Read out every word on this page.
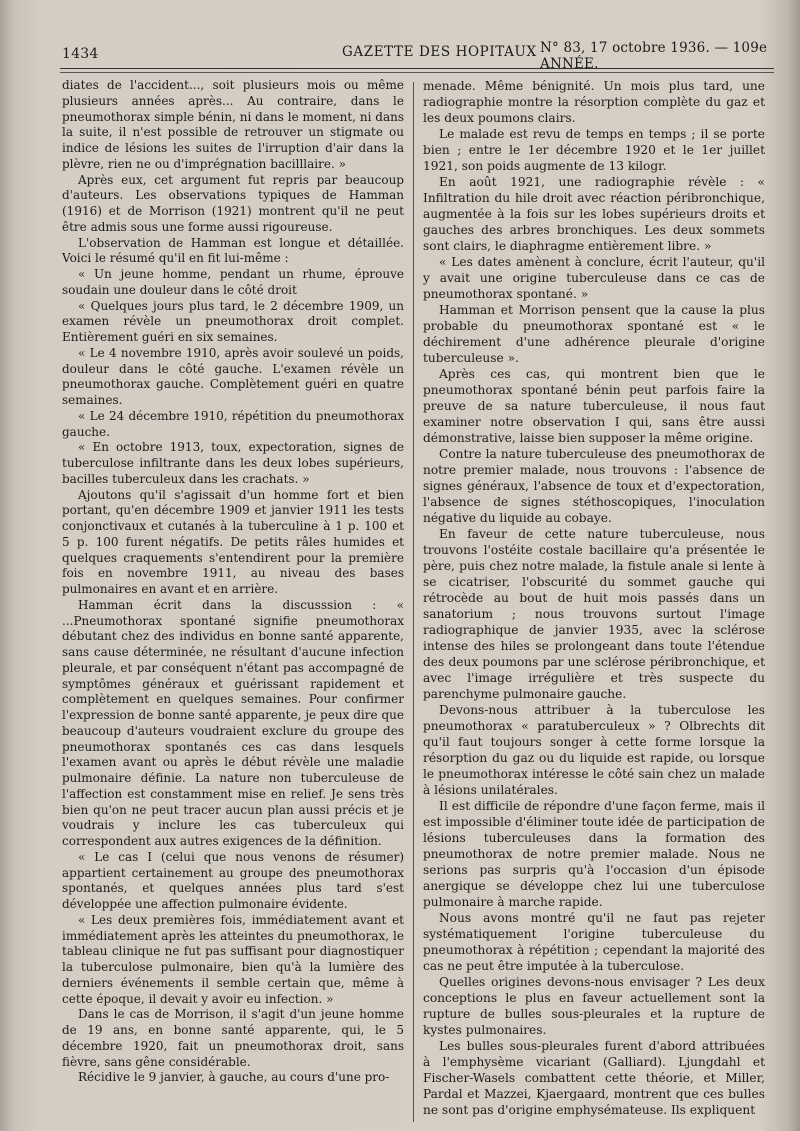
1434	GAZETTE DES HOPITAUX N° 83, 17 octobre 1936. — 109e ANNÉE.

diates de l'accident..., soit plusieurs mois ou même plusieurs années après... Au contraire, dans le pneumothorax simple bénin, ni dans le moment, ni dans la suite, il n'est possible de retrouver un stigmate ou indice de lésions les suites de l'irruption d'air dans la plèvre, rien ne ou d'imprégnation bacilllaire. »

Après eux, cet argument fut repris par beaucoup d'auteurs. Les observations typiques de Hamman (1916) et de Morrison (1921) montrent qu'il ne peut être admis sous une forme aussi rigoureuse.

L'observation de Hamman est longue et détaillée. Voici le résumé qu'il en fit lui-même :

« Un jeune homme, pendant un rhume, éprouve soudain une douleur dans le côté droit

« Quelques jours plus tard, le 2 décembre 1909, un examen révèle un pneumothorax droit complet. Entièrement guéri en six semaines.

« Le 4 novembre 1910, après avoir soulevé un poids, douleur dans le côté gauche. L'examen révèle un pneumothorax gauche. Complètement guéri en quatre semaines.

« Le 24 décembre 1910, répétition du pneumothorax gauche.

« En octobre 1913, toux, expectoration, signes de tuberculose infiltrante dans les deux lobes supérieurs, bacilles tuberculeux dans les crachats. »

Ajoutons qu'il s'agissait d'un homme fort et bien portant, qu'en décembre 1909 et janvier 1911 les tests conjonctivaux et cutanés à la tuberculine à 1 p. 100 et 5 p. 100 furent négatifs. De petits râles humides et quelques craquements s'entendirent pour la première fois en novembre 1911, au niveau des bases pulmonaires en avant et en arrière.

Hamman écrit dans la discusssion : « ...Pneumothorax spontané signifie pneumothorax débutant chez des individus en bonne santé apparente, sans cause déterminée, ne résultant d'aucune infection pleurale, et par conséquent n'étant pas accompagné de symptômes généraux et guérissant rapidement et complètement en quelques semaines. Pour confirmer l'expression de bonne santé apparente, je peux dire que beaucoup d'auteurs voudraient exclure du groupe des pneumothorax spontanés ces cas dans lesquels l'examen avant ou après le début révèle une maladie pulmonaire définie. La nature non tuberculeuse de l'affection est constamment mise en relief. Je sens très bien qu'on ne peut tracer aucun plan aussi précis et je voudrais y inclure les cas tuberculeux qui correspondent aux autres exigences de la définition.

« Le cas I (celui que nous venons de résumer) appartient certainement au groupe des pneumothorax spontanés, et quelques années plus tard s'est développée une affection pulmonaire évidente.

« Les deux premières fois, immédiatement avant et immédiatement après les atteintes du pneumothorax, le tableau clinique ne fut pas suffisant pour diagnostiquer la tuberculose pulmonaire, bien qu'à la lumière des derniers événements il semble certain que, même à cette époque, il devait y avoir eu infection. »

Dans le cas de Morrison, il s'agit d'un jeune homme de 19 ans, en bonne santé apparente, qui, le 5 décembre 1920, fait un pneumothorax droit, sans fièvre, sans gêne considérable.

Récidive le 9 janvier, à gauche, au cours d'une pro-

menade. Même bénignité. Un mois plus tard, une radiographie montre la résorption complète du gaz et les deux poumons clairs.

Le malade est revu de temps en temps ; il se porte bien ; entre le 1er décembre 1920 et le 1er juillet 1921, son poids augmente de 13 kilogr.

En août 1921, une radiographie révèle : « Infiltration du hile droit avec réaction péribronchique, augmentée à la fois sur les lobes supérieurs droits et gauches des arbres bronchiques. Les deux sommets sont clairs, le diaphragme entièrement libre. »

« Les dates amènent à conclure, écrit l'auteur, qu'il y avait une origine tuberculeuse dans ce cas de pneumothorax spontané. »

Hamman et Morrison pensent que la cause la plus probable du pneumothorax spontané est « le déchirement d'une adhérence pleurale d'origine tuberculeuse ».

Après ces cas, qui montrent bien que le pneumothorax spontané bénin peut parfois faire la preuve de sa nature tuberculeuse, il nous faut examiner notre observation I qui, sans être aussi démonstrative, laisse bien supposer la même origine.

Contre la nature tuberculeuse des pneumothorax de notre premier malade, nous trouvons : l'absence de signes généraux, l'absence de toux et d'expectoration, l'absence de signes stéthoscopiques, l'inoculation négative du liquide au cobaye.

En faveur de cette nature tuberculeuse, nous trouvons l'ostéite costale bacillaire qu'a présentée le père, puis chez notre malade, la fistule anale si lente à se cicatriser, l'obscurité du sommet gauche qui rétrocède au bout de huit mois passés dans un sanatorium ; nous trouvons surtout l'image radiographique de janvier 1935, avec la sclérose intense des hiles se prolongeant dans toute l'étendue des deux poumons par une sclérose péribronchique, et avec l'image irrégulière et très suspecte du parenchyme pulmonaire gauche.

Devons-nous attribuer à la tuberculose les pneumothorax « paratuberculeux » ? Olbrechts dit qu'il faut toujours songer à cette forme lorsque la résorption du gaz ou du liquide est rapide, ou lorsque le pneumothorax intéresse le côté sain chez un malade à lésions unilatérales.

Il est difficile de répondre d'une façon ferme, mais il est impossible d'éliminer toute idée de participation de lésions tuberculeuses dans la formation des pneumothorax de notre premier malade. Nous ne serions pas surpris qu'à l'occasion d'un épisode anergique se développe chez lui une tuberculose pulmonaire à marche rapide.

Nous avons montré qu'il ne faut pas rejeter systématiquement l'origine tuberculeuse du pneumothorax à répétition ; cependant la majorité des cas ne peut être imputée à la tuberculose.

Quelles origines devons-nous envisager ? Les deux conceptions le plus en faveur actuellement sont la rupture de bulles sous-pleurales et la rupture de kystes pulmonaires.

Les bulles sous-pleurales furent d'abord attribuées à l'emphysème vicariant (Galliard). Ljungdahl et Fischer-Wasels combattent cette théorie, et Miller, Pardal et Mazzei, Kjaergaard, montrent que ces bulles ne sont pas d'origine emphysémateuse. Ils expliquent
